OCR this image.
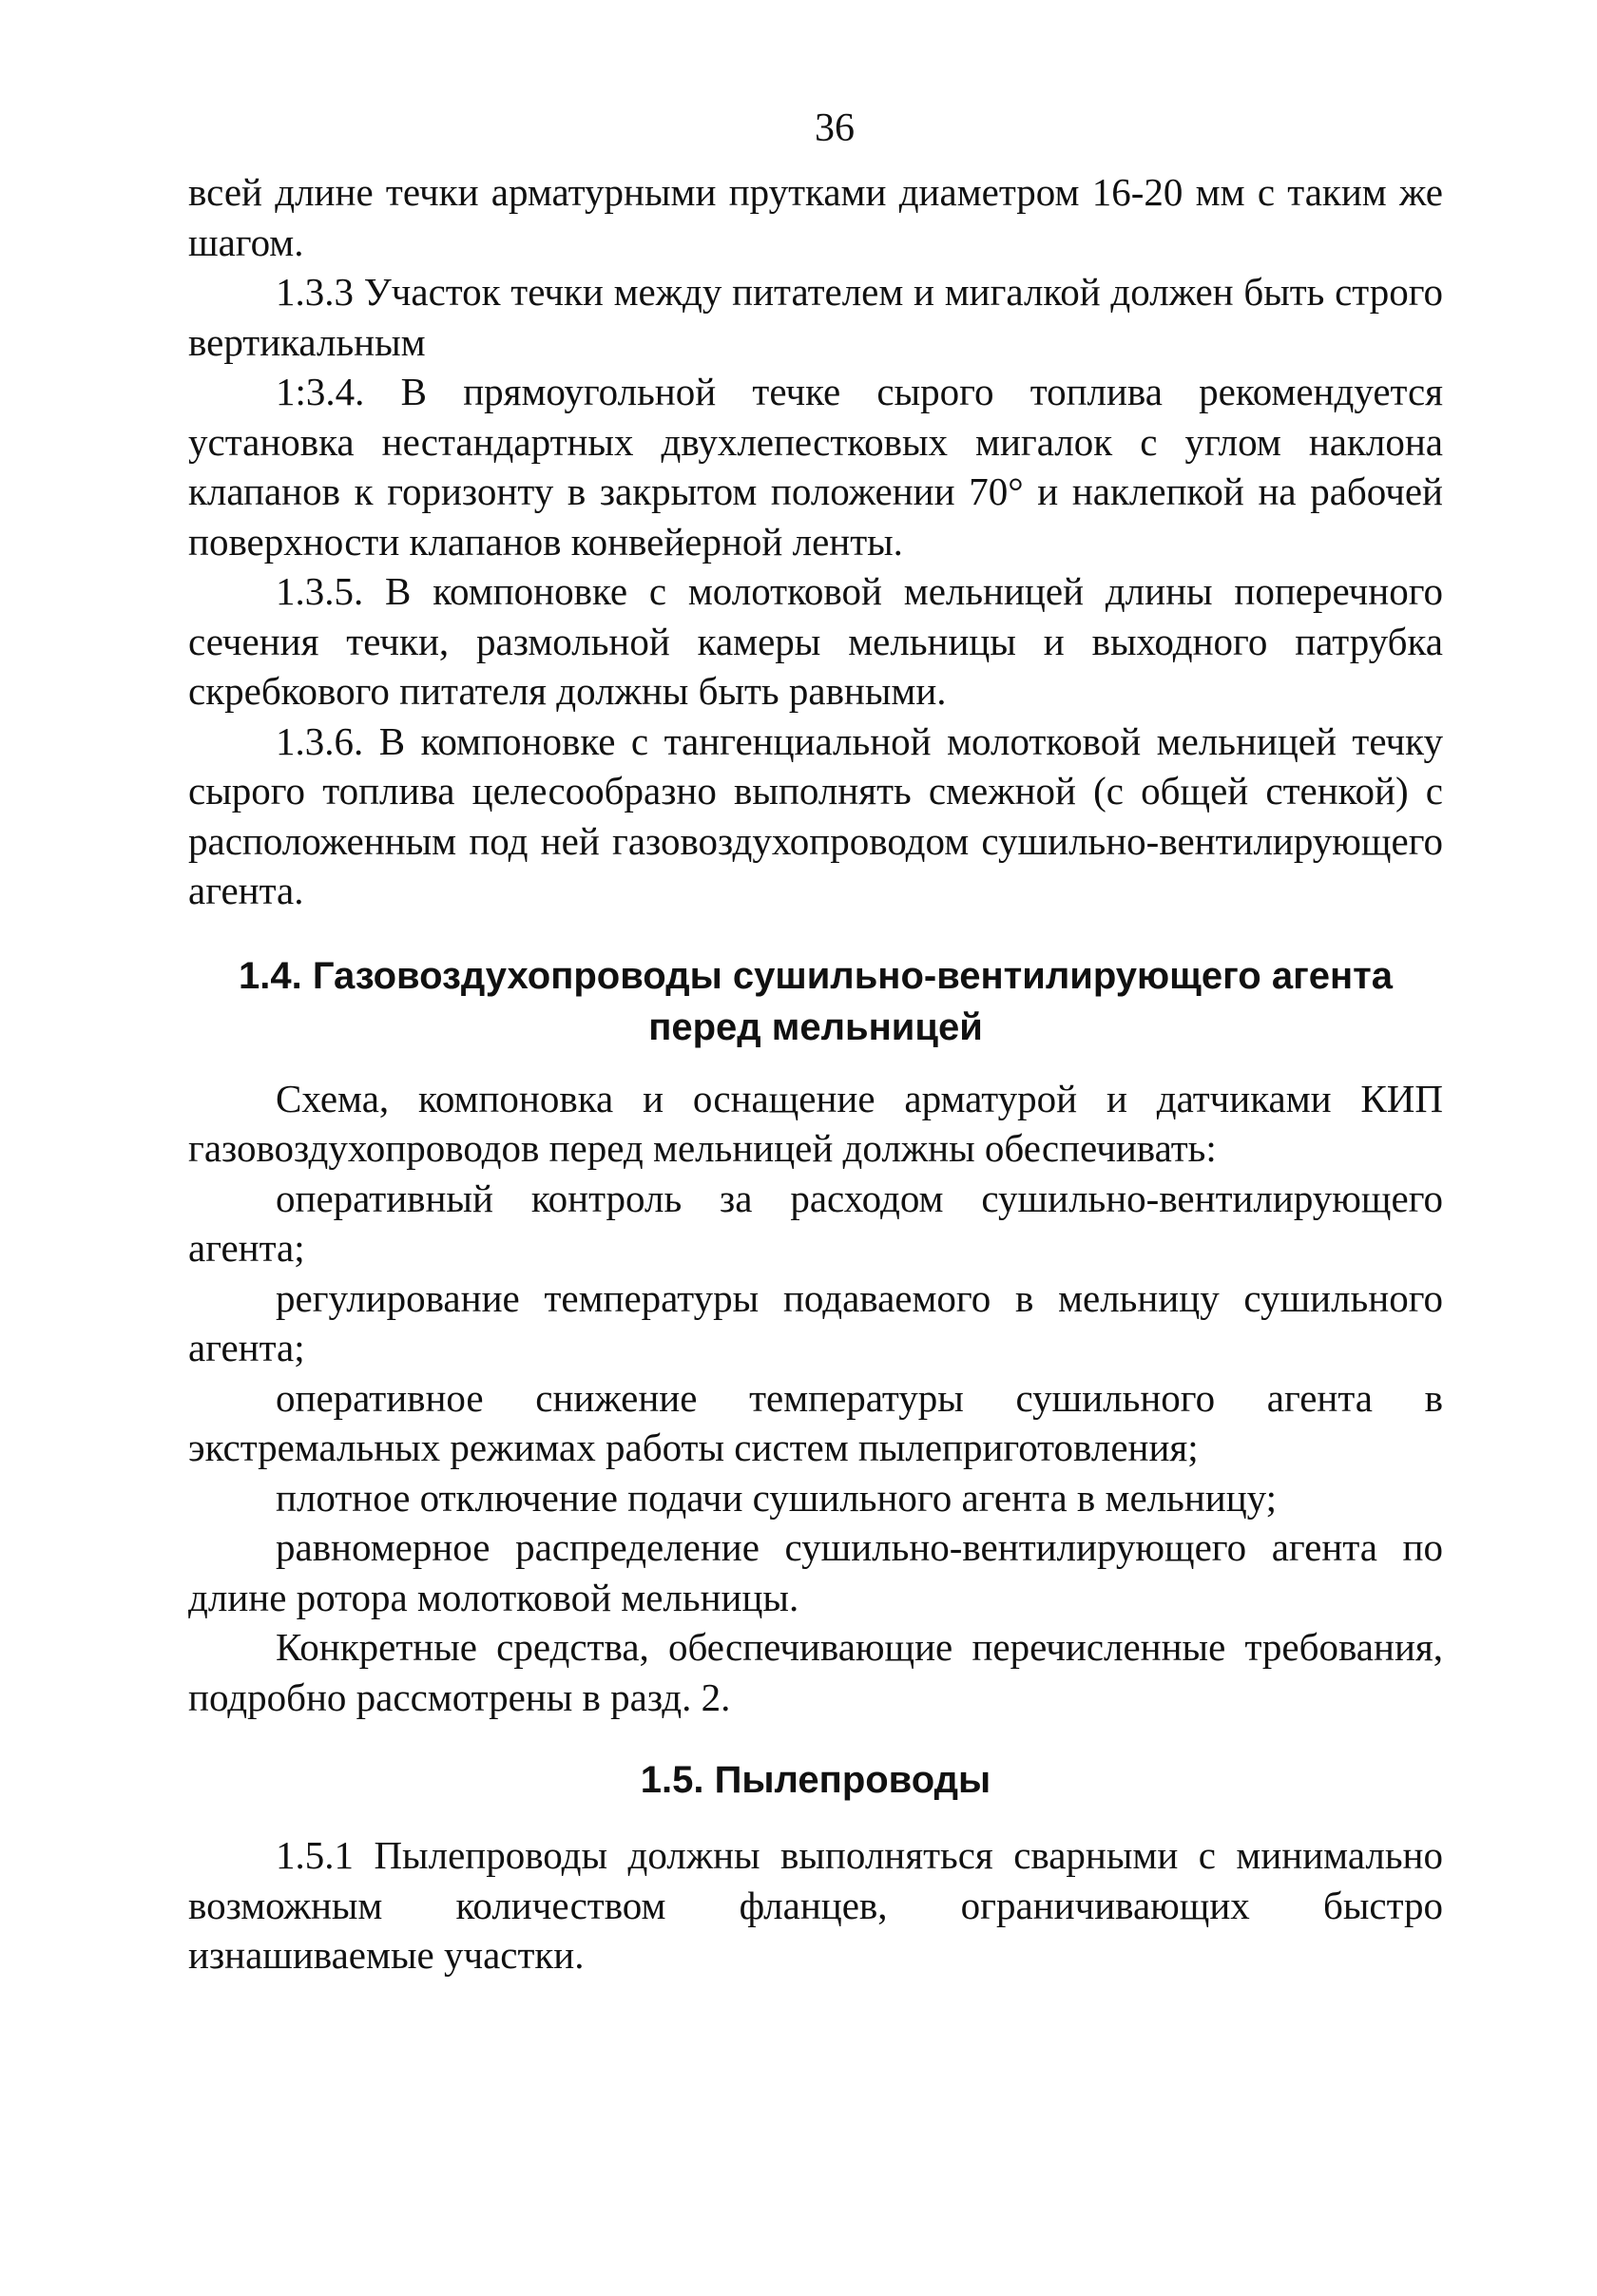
36

всей длине течки арматурными прутками диаметром 16-20 мм с таким же шагом.

1.3.3 Участок течки между питателем и мигалкой должен быть строго вертикальным

1:3.4. В прямоугольной течке сырого топлива рекомендуется установка нестандартных двухлепестковых мигалок с углом наклона клапанов к горизонту в закрытом положении 70° и наклепкой на рабочей поверхности клапанов конвейерной ленты.

1.3.5. В компоновке с молотковой мельницей длины поперечного сечения течки, размольной камеры мельницы и выходного патрубка скребкового питателя должны быть равными.

1.3.6. В компоновке с тангенциальной молотковой мельницей течку сырого топлива целесообразно выполнять смежной (с общей стенкой) с расположенным под ней газовоздухопроводом сушильно-вентилирующего агента.

1.4. Газовоздухопроводы сушильно-вентилирующего агента перед мельницей

Схема, компоновка и оснащение арматурой и датчиками КИП газовоздухопроводов перед мельницей должны обеспечивать:

оперативный контроль за расходом сушильно-вентилирующего агента;

регулирование температуры подаваемого в мельницу сушильного агента;

оперативное снижение температуры сушильного агента в экстремальных режимах работы систем пылеприготовления;

плотное отключение подачи сушильного агента в мельницу;

равномерное распределение сушильно-вентилирующего агента по длине ротора молотковой мельницы.

Конкретные средства, обеспечивающие перечисленные требования, подробно рассмотрены в разд. 2.

1.5. Пылепроводы

1.5.1 Пылепроводы должны выполняться сварными с минимально возможным количеством фланцев, ограничивающих быстро изнашиваемые участки.
